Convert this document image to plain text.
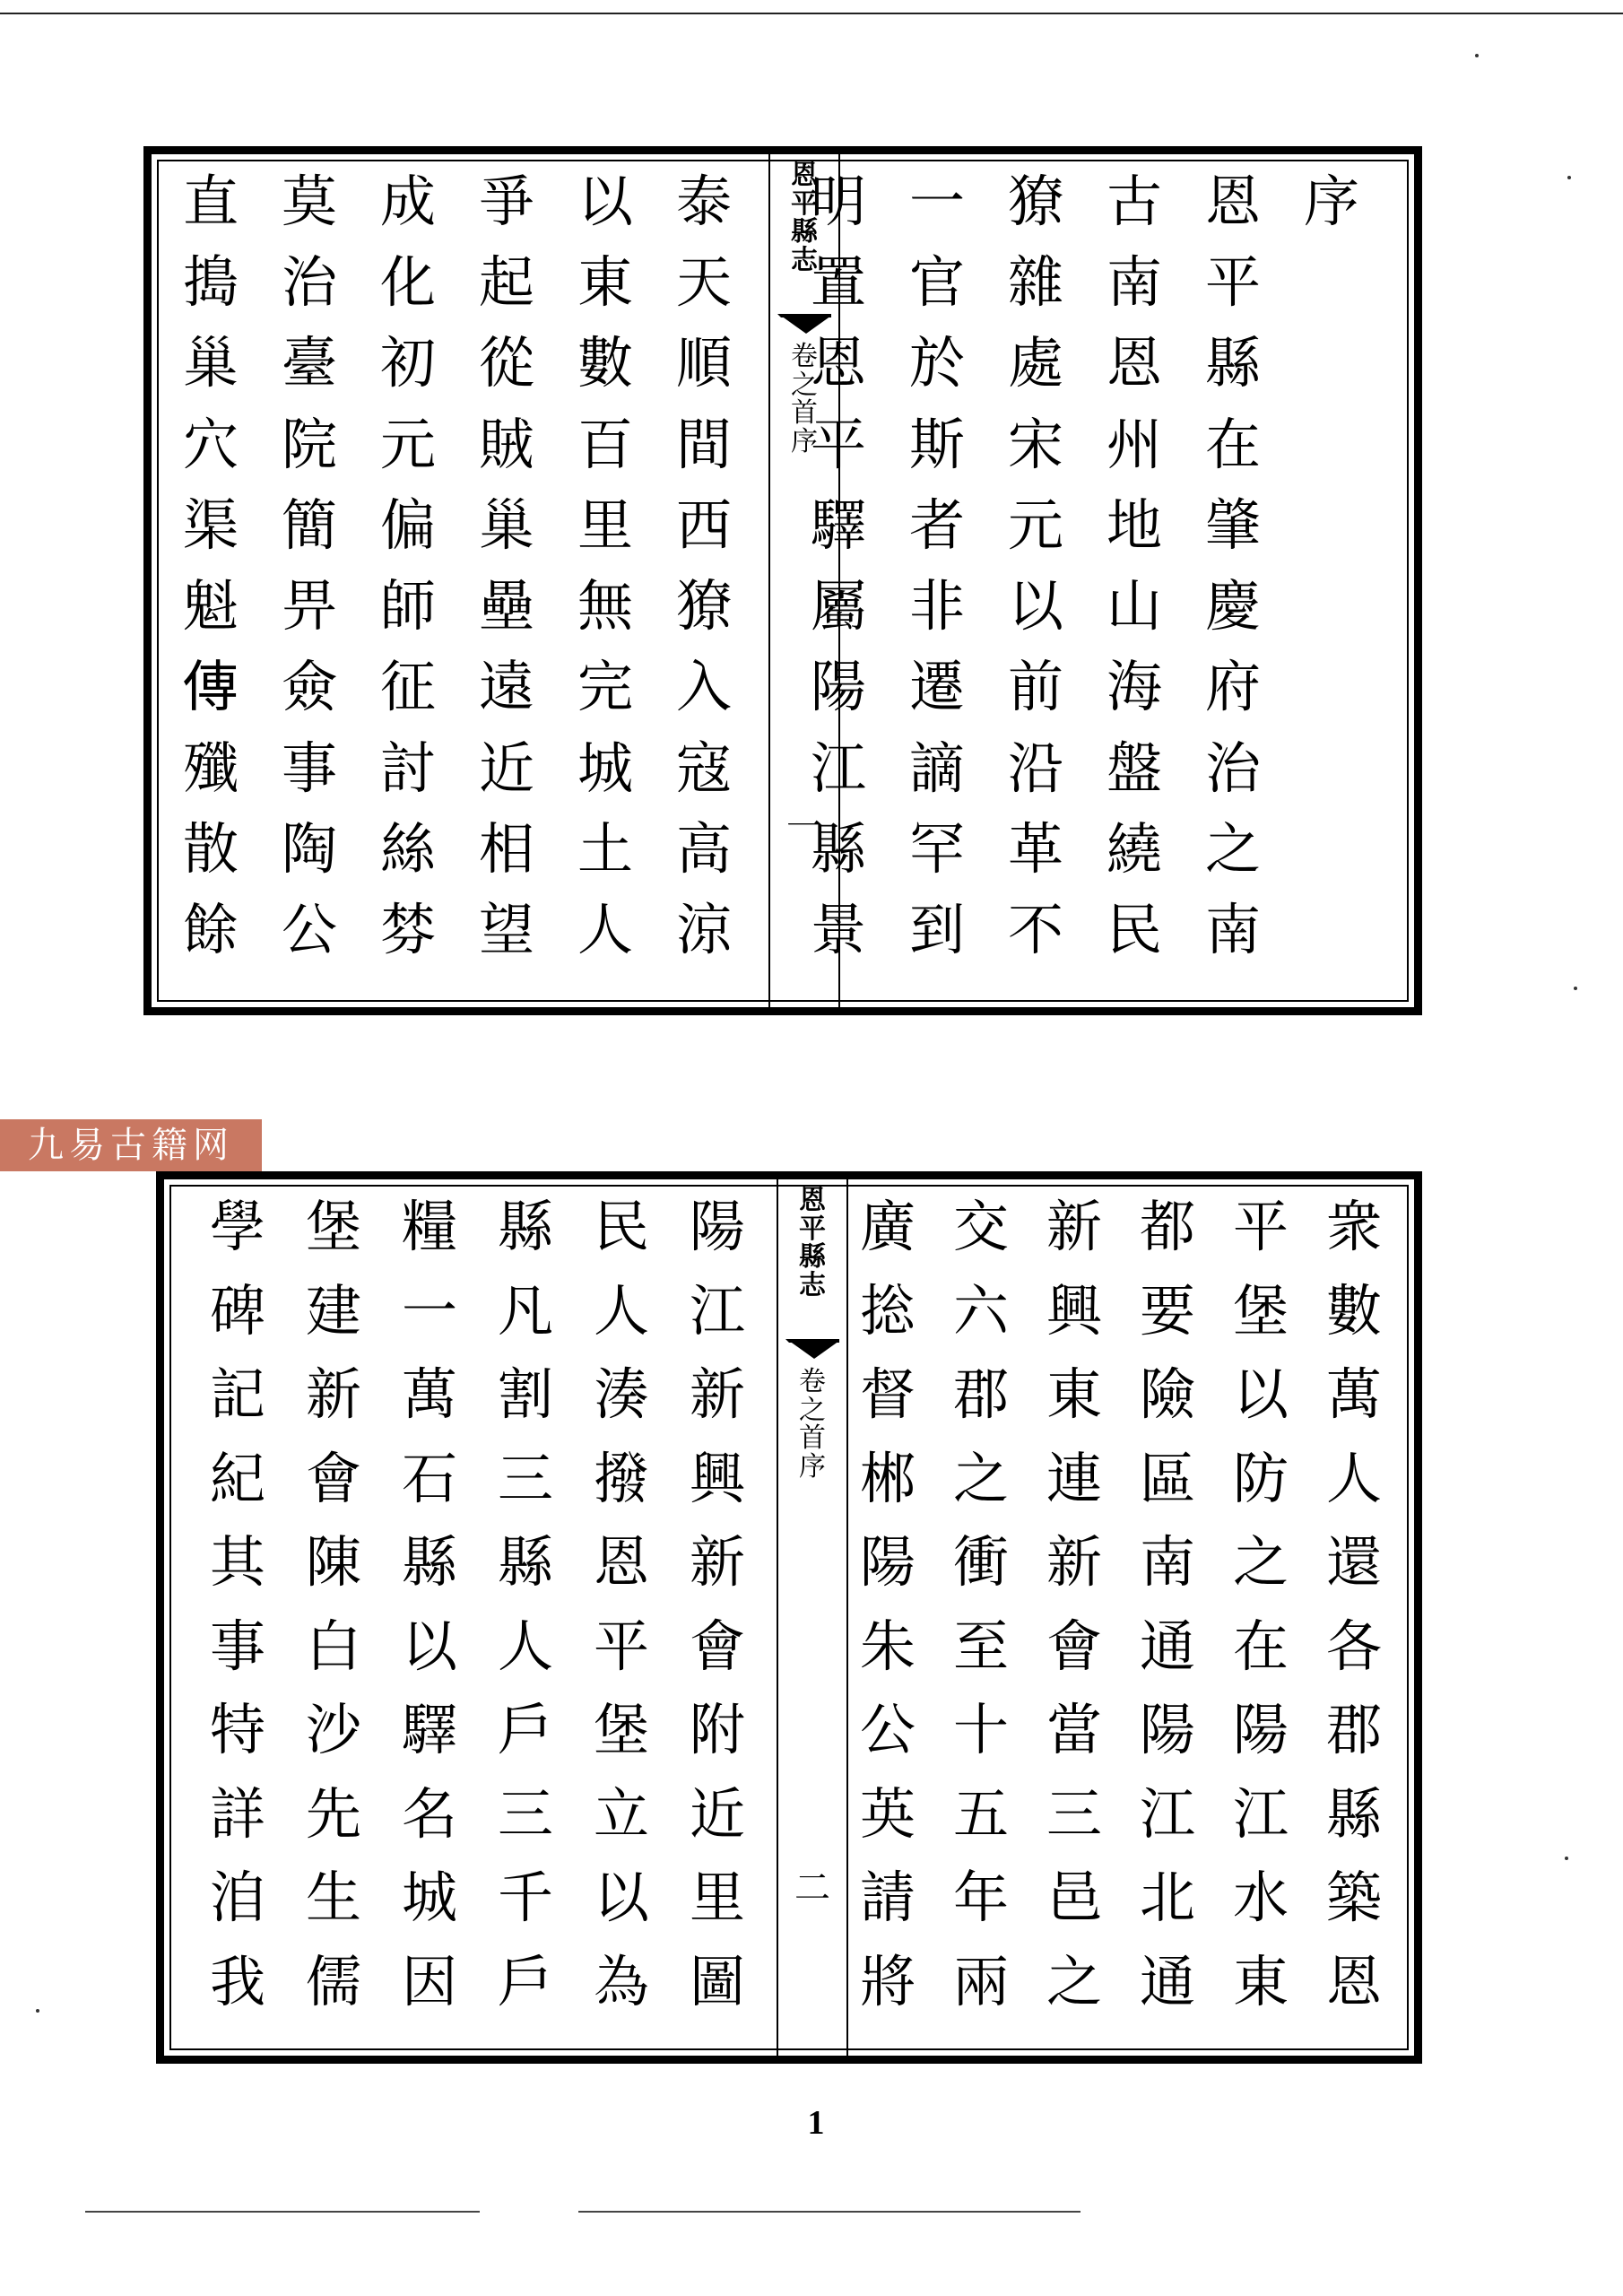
序
恩
平
縣
在
肇
慶
府
治
之
南
古
南
恩
州
地
山
海
盤
繞
民
獠
雜
處
宋
元
以
前
沿
革
不
一
官
於
斯
者
非
遷
謫
罕
到
明
置
恩
平
驛
屬
陽
江
縣
景
泰
天
順
間
西
獠
入
寇
高
涼
以
東
數
百
里
無
完
城
土
人
爭
起
從
賊
巢
壘
遠
近
相
望
成
化
初
元
偏
師
征
討
絲
棼
莫
治
臺
院
簡
畀
僉
事
陶
公
直
搗
巢
穴
渠
魁
𫝊
殲
散
餘
恩
平
縣
志
卷
之
首
序
一
九易古籍网
衆
數
萬
人
還
各
郡
縣
築
恩
平
堡
以
防
之
在
陽
江
水
東
都
要
險
區
南
通
陽
江
北
通
新
興
東
連
新
會
當
三
邑
之
交
六
郡
之
衝
至
十
五
年
兩
廣
捴
督
郴
陽
朱
公
英
請
將
陽
江
新
興
新
會
附
近
里
圖
民
人
湊
撥
恩
平
堡
立
以
為
縣
凡
割
三
縣
人
戶
三
千
戶
糧
一
萬
石
縣
以
驛
名
城
因
堡
建
新
會
陳
白
沙
先
生
儒
學
碑
記
紀
其
事
特
詳
洎
我
恩
平
縣
志
卷
之
首
序
二
1
